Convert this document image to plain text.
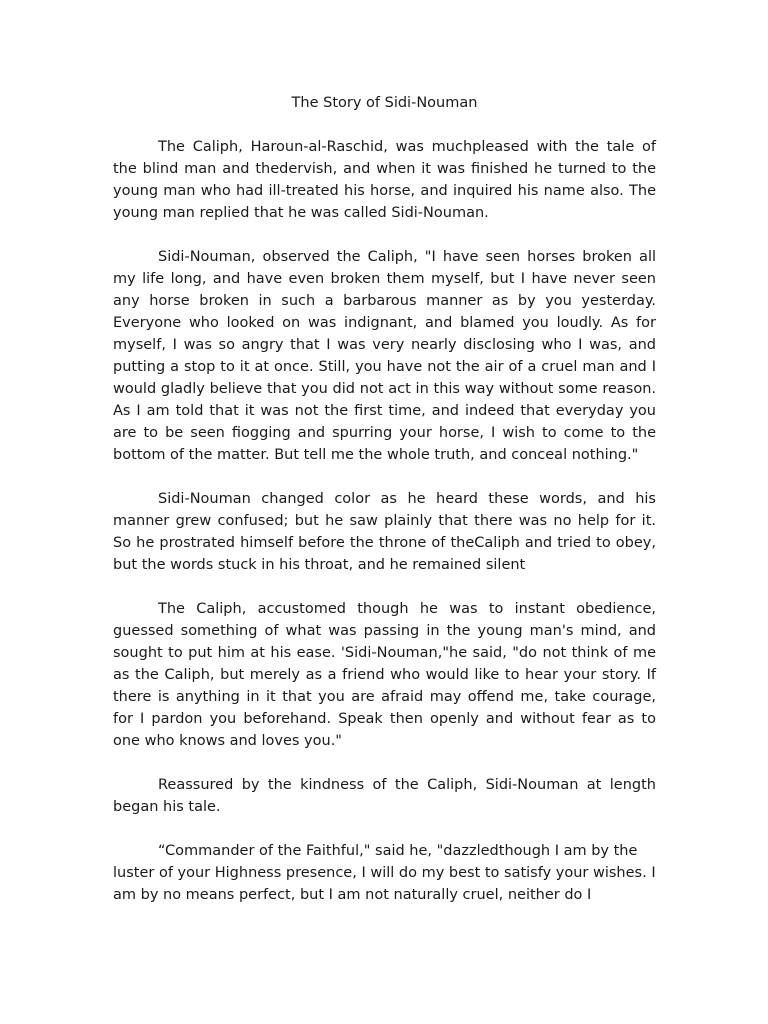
The Story of Sidi-Nouman

The Caliph, Haroun-al-Raschid, was muchpleased with the tale of the blind man and thedervish, and when it was finished he turned to the young man who had ill-treated his horse, and inquired his name also. The young man replied that he was called Sidi-Nouman.

Sidi-Nouman, observed the Caliph, "I have seen horses broken all my life long, and have even broken them myself, but I have never seen any horse broken in such a barbarous manner as by you yesterday. Everyone who looked on was indignant, and blamed you loudly. As for myself, I was so angry that I was very nearly disclosing who I was, and putting a stop to it at once. Still, you have not the air of a cruel man and I would gladly believe that you did not act in this way without some reason. As I am told that it was not the first time, and indeed that everyday you are to be seen fiogging and spurring your horse, I wish to come to the bottom of the matter. But tell me the whole truth, and conceal nothing."

Sidi-Nouman changed color as he heard these words, and his manner grew confused; but he saw plainly that there was no help for it. So he prostrated himself before the throne of theCaliph and tried to obey, but the words stuck in his throat, and he remained silent

The Caliph, accustomed though he was to instant obedience, guessed something of what was passing in the young man's mind, and sought to put him at his ease. 'Sidi-Nouman,"he said, "do not think of me as the Caliph, but merely as a friend who would like to hear your story. If there is anything in it that you are afraid may offend me, take courage, for I pardon you beforehand. Speak then openly and without fear as to one who knows and loves you."

Reassured by the kindness of the Caliph, Sidi-Nouman at length began his tale.

“Commander of the Faithful," said he, "dazzledthough I am by the luster of your Highness presence, I will do my best to satisfy your wishes. I am by no means perfect, but I am not naturally cruel, neither do I
